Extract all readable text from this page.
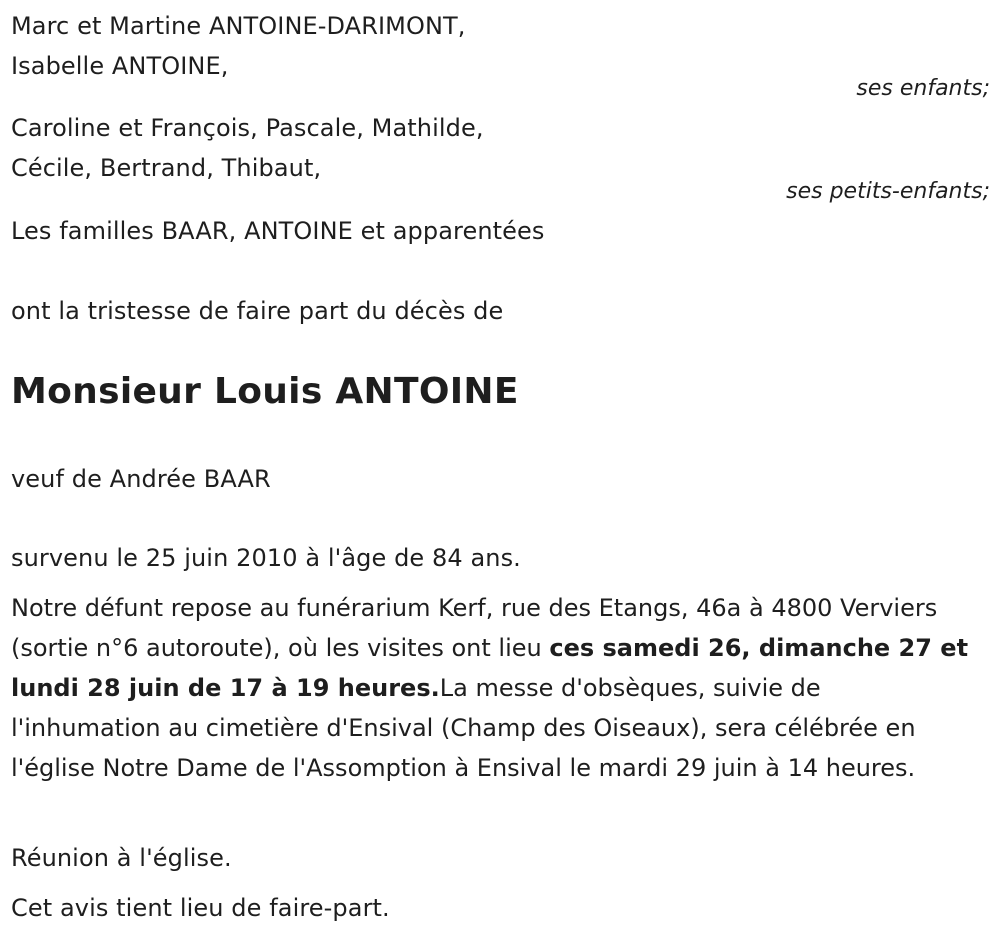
Marc et Martine ANTOINE-DARIMONT,
Isabelle ANTOINE,
ses enfants;
Caroline et François, Pascale, Mathilde,
Cécile, Bertrand, Thibaut,
ses petits-enfants;
Les familles BAAR, ANTOINE et apparentées
ont la tristesse de faire part du décès de
Monsieur Louis ANTOINE
veuf de Andrée BAAR
survenu le 25 juin 2010 à l'âge de 84 ans.
Notre défunt repose au funérarium Kerf, rue des Etangs, 46a à 4800 Verviers (sortie n°6 autoroute), où les visites ont lieu ces samedi 26, dimanche 27 et lundi 28 juin de 17 à 19 heures.La messe d'obsèques, suivie de l'inhumation au cimetière d'Ensival (Champ des Oiseaux), sera célébrée en l'église Notre Dame de l'Assomption à Ensival le mardi 29 juin à 14 heures.
Réunion à l'église.
Cet avis tient lieu de faire-part.
